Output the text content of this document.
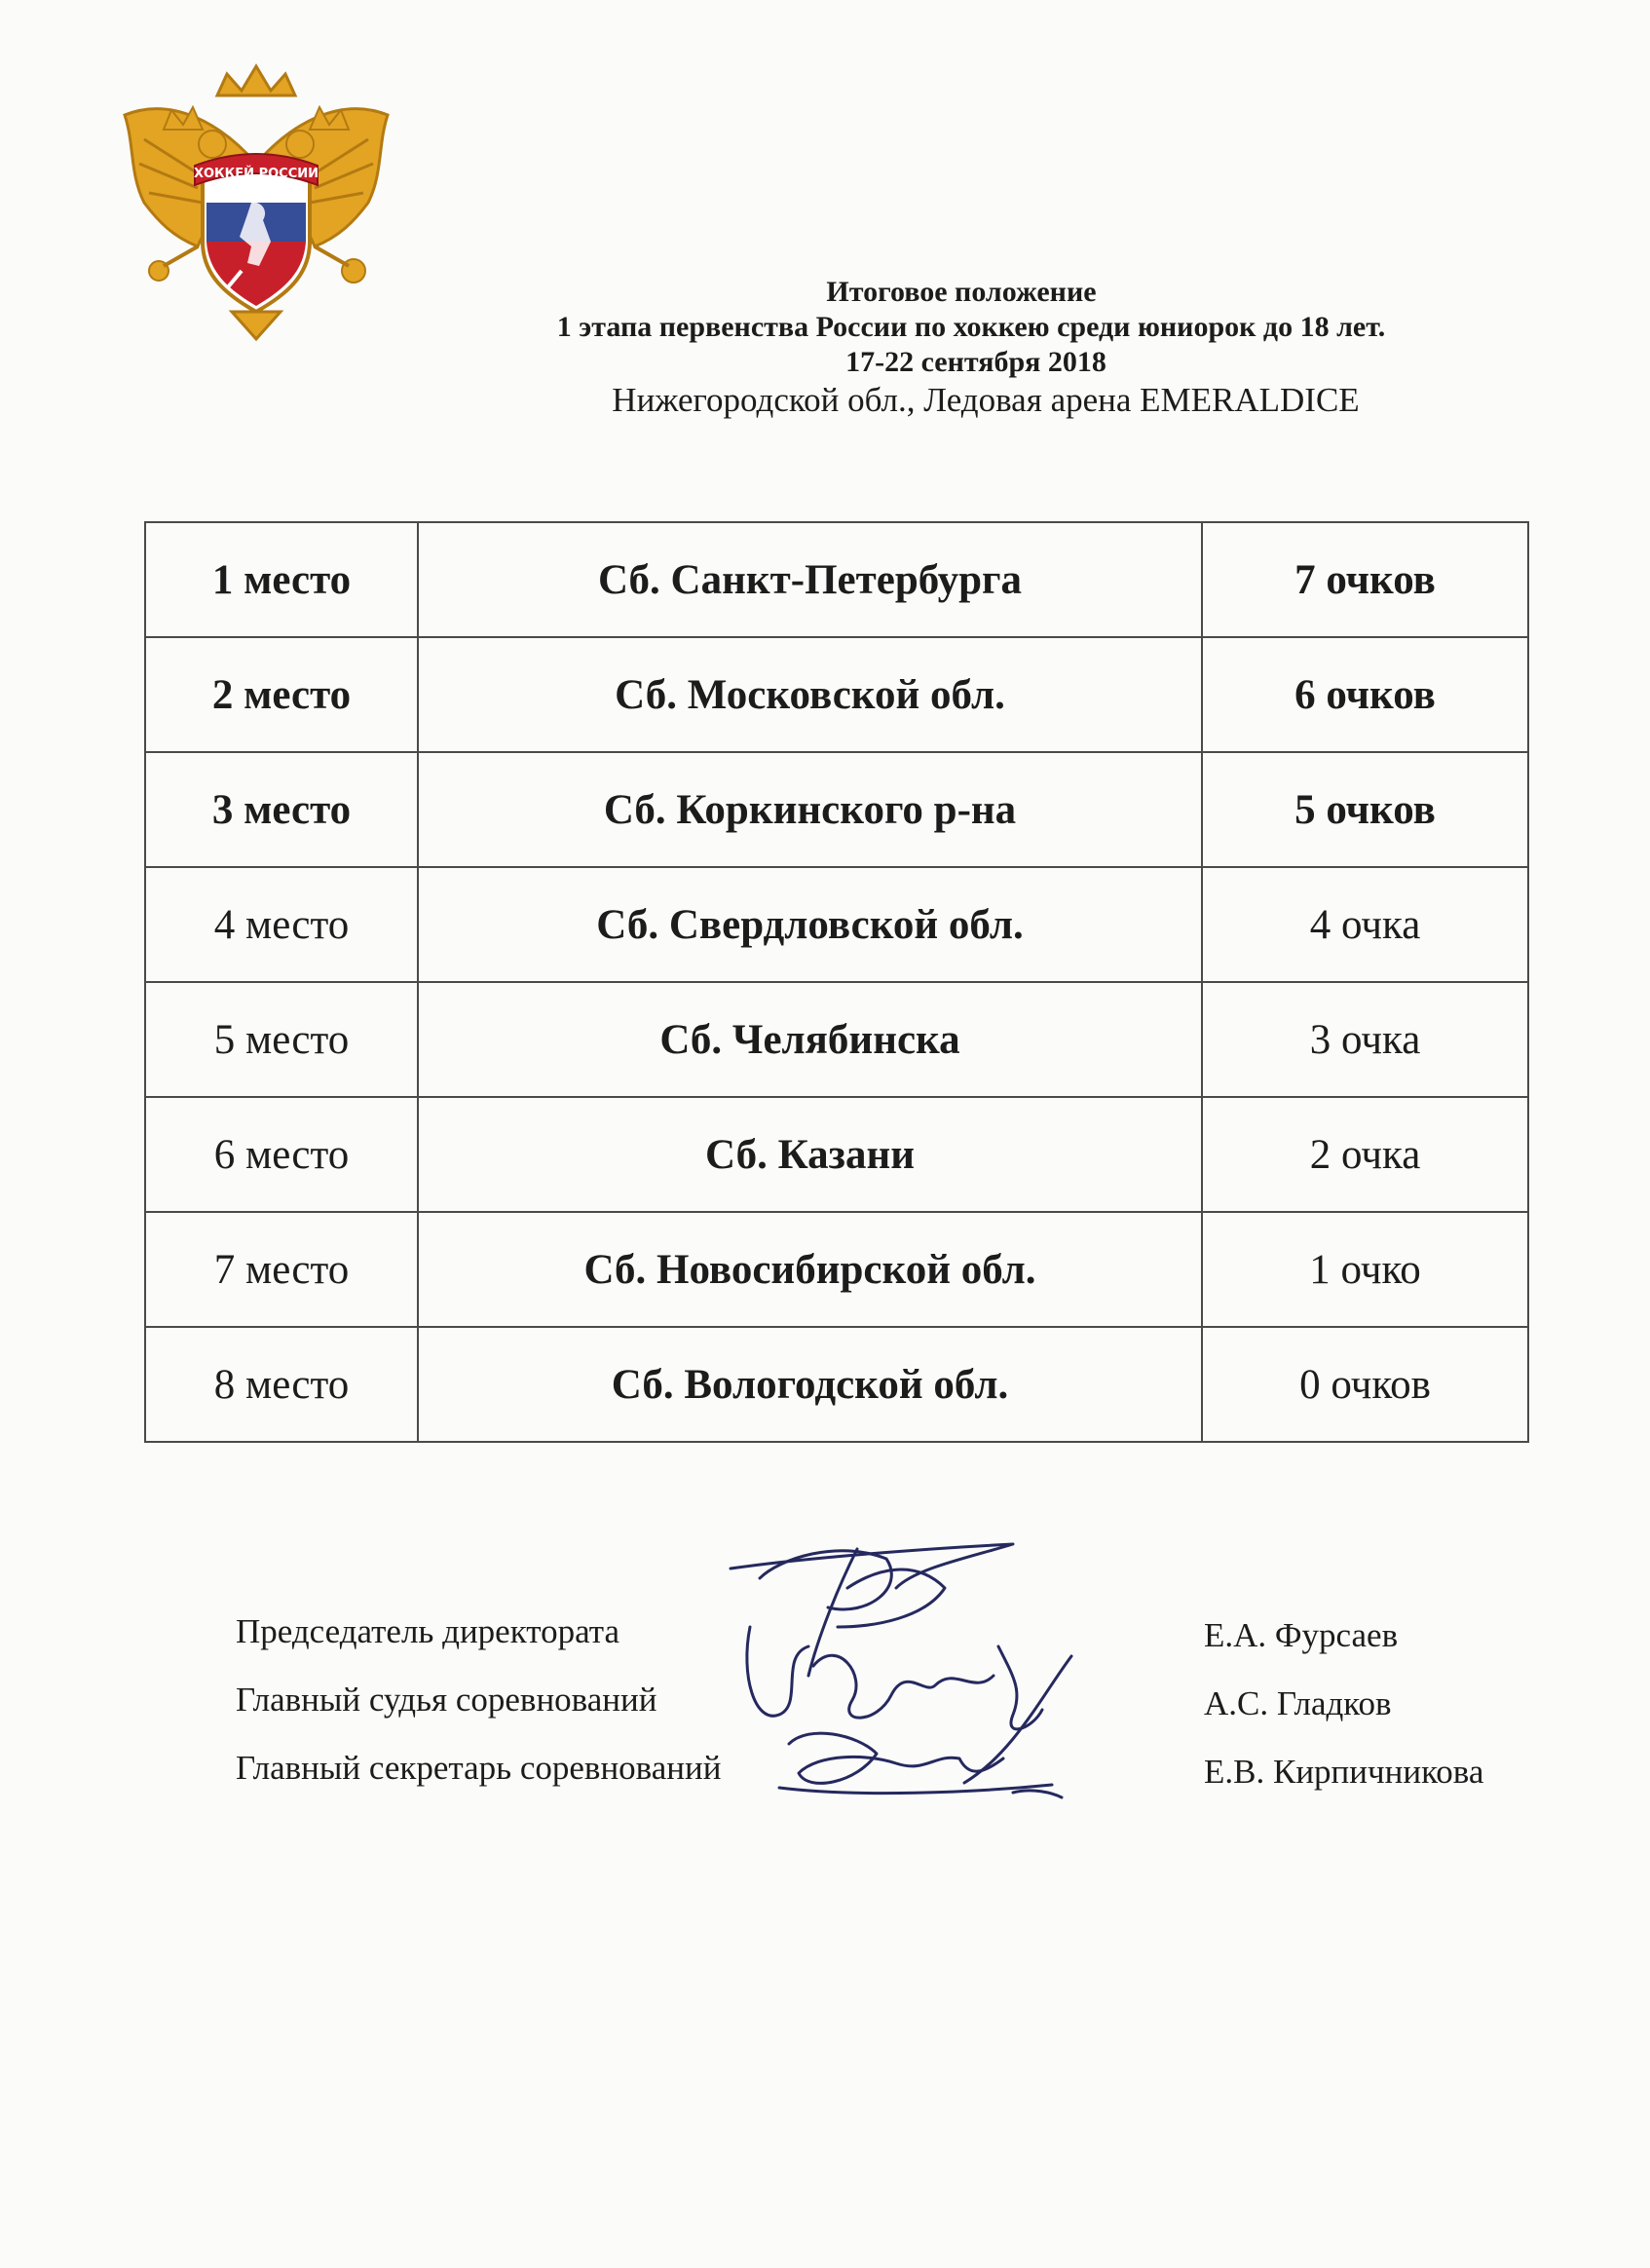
ХОККЕЙ РОССИИ
Итоговое положение
1 этапа первенства России по хоккею среди юниорок до 18 лет.
17-22 сентября 2018
Нижегородской обл., Ледовая арена EMERALDICE
1 место	Сб. Санкт-Петербурга	7 очков
2 место	Сб. Московской обл.	6 очков
3 место	Сб. Коркинского р-на	5 очков
4 место	Сб. Свердловской обл.	4 очка
5 место	Сб. Челябинска	3 очка
6 место	Сб. Казани	2 очка
7 место	Сб. Новосибирской обл.	1 очко
8 место	Сб. Вологодской обл.	0 очков
Председатель директората
Главный судья соревнований
Главный секретарь соревнований
Е.А. Фурсаев
А.С. Гладков
Е.В. Кирпичникова
